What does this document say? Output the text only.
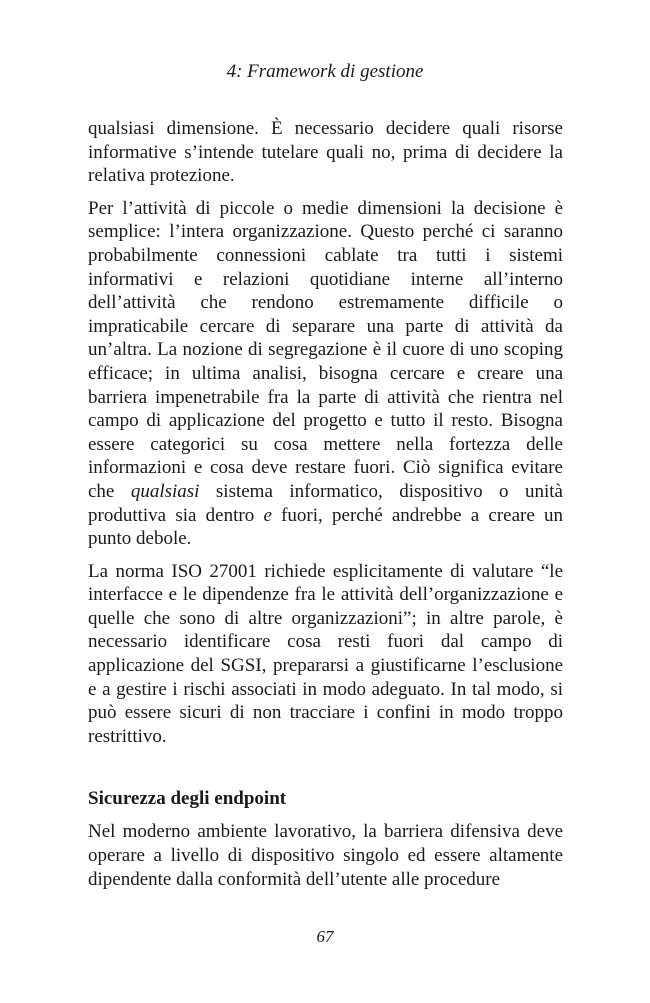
4: Framework di gestione

qualsiasi dimensione. È necessario decidere quali risorse informative s’intende tutelare quali no, prima di decidere la relativa protezione.

Per l’attività di piccole o medie dimensioni la decisione è semplice: l’intera organizzazione. Questo perché ci saranno probabilmente connessioni cablate tra tutti i sistemi informativi e relazioni quotidiane interne all’interno dell’attività che rendono estremamente difficile o impraticabile cercare di separare una parte di attività da un’altra. La nozione di segregazione è il cuore di uno scoping efficace; in ultima analisi, bisogna cercare e creare una barriera impenetrabile fra la parte di attività che rientra nel campo di applicazione del progetto e tutto il resto. Bisogna essere categorici su cosa mettere nella fortezza delle informazioni e cosa deve restare fuori. Ciò significa evitare che qualsiasi sistema informatico, dispositivo o unità produttiva sia dentro e fuori, perché andrebbe a creare un punto debole.

La norma ISO 27001 richiede esplicitamente di valutare “le interfacce e le dipendenze fra le attività dell’organizzazione e quelle che sono di altre organizzazioni”; in altre parole, è necessario identificare cosa resti fuori dal campo di applicazione del SGSI, prepararsi a giustificarne l’esclusione e a gestire i rischi associati in modo adeguato. In tal modo, si può essere sicuri di non tracciare i confini in modo troppo restrittivo.

Sicurezza degli endpoint

Nel moderno ambiente lavorativo, la barriera difensiva deve operare a livello di dispositivo singolo ed essere altamente dipendente dalla conformità dell’utente alle procedure

67
